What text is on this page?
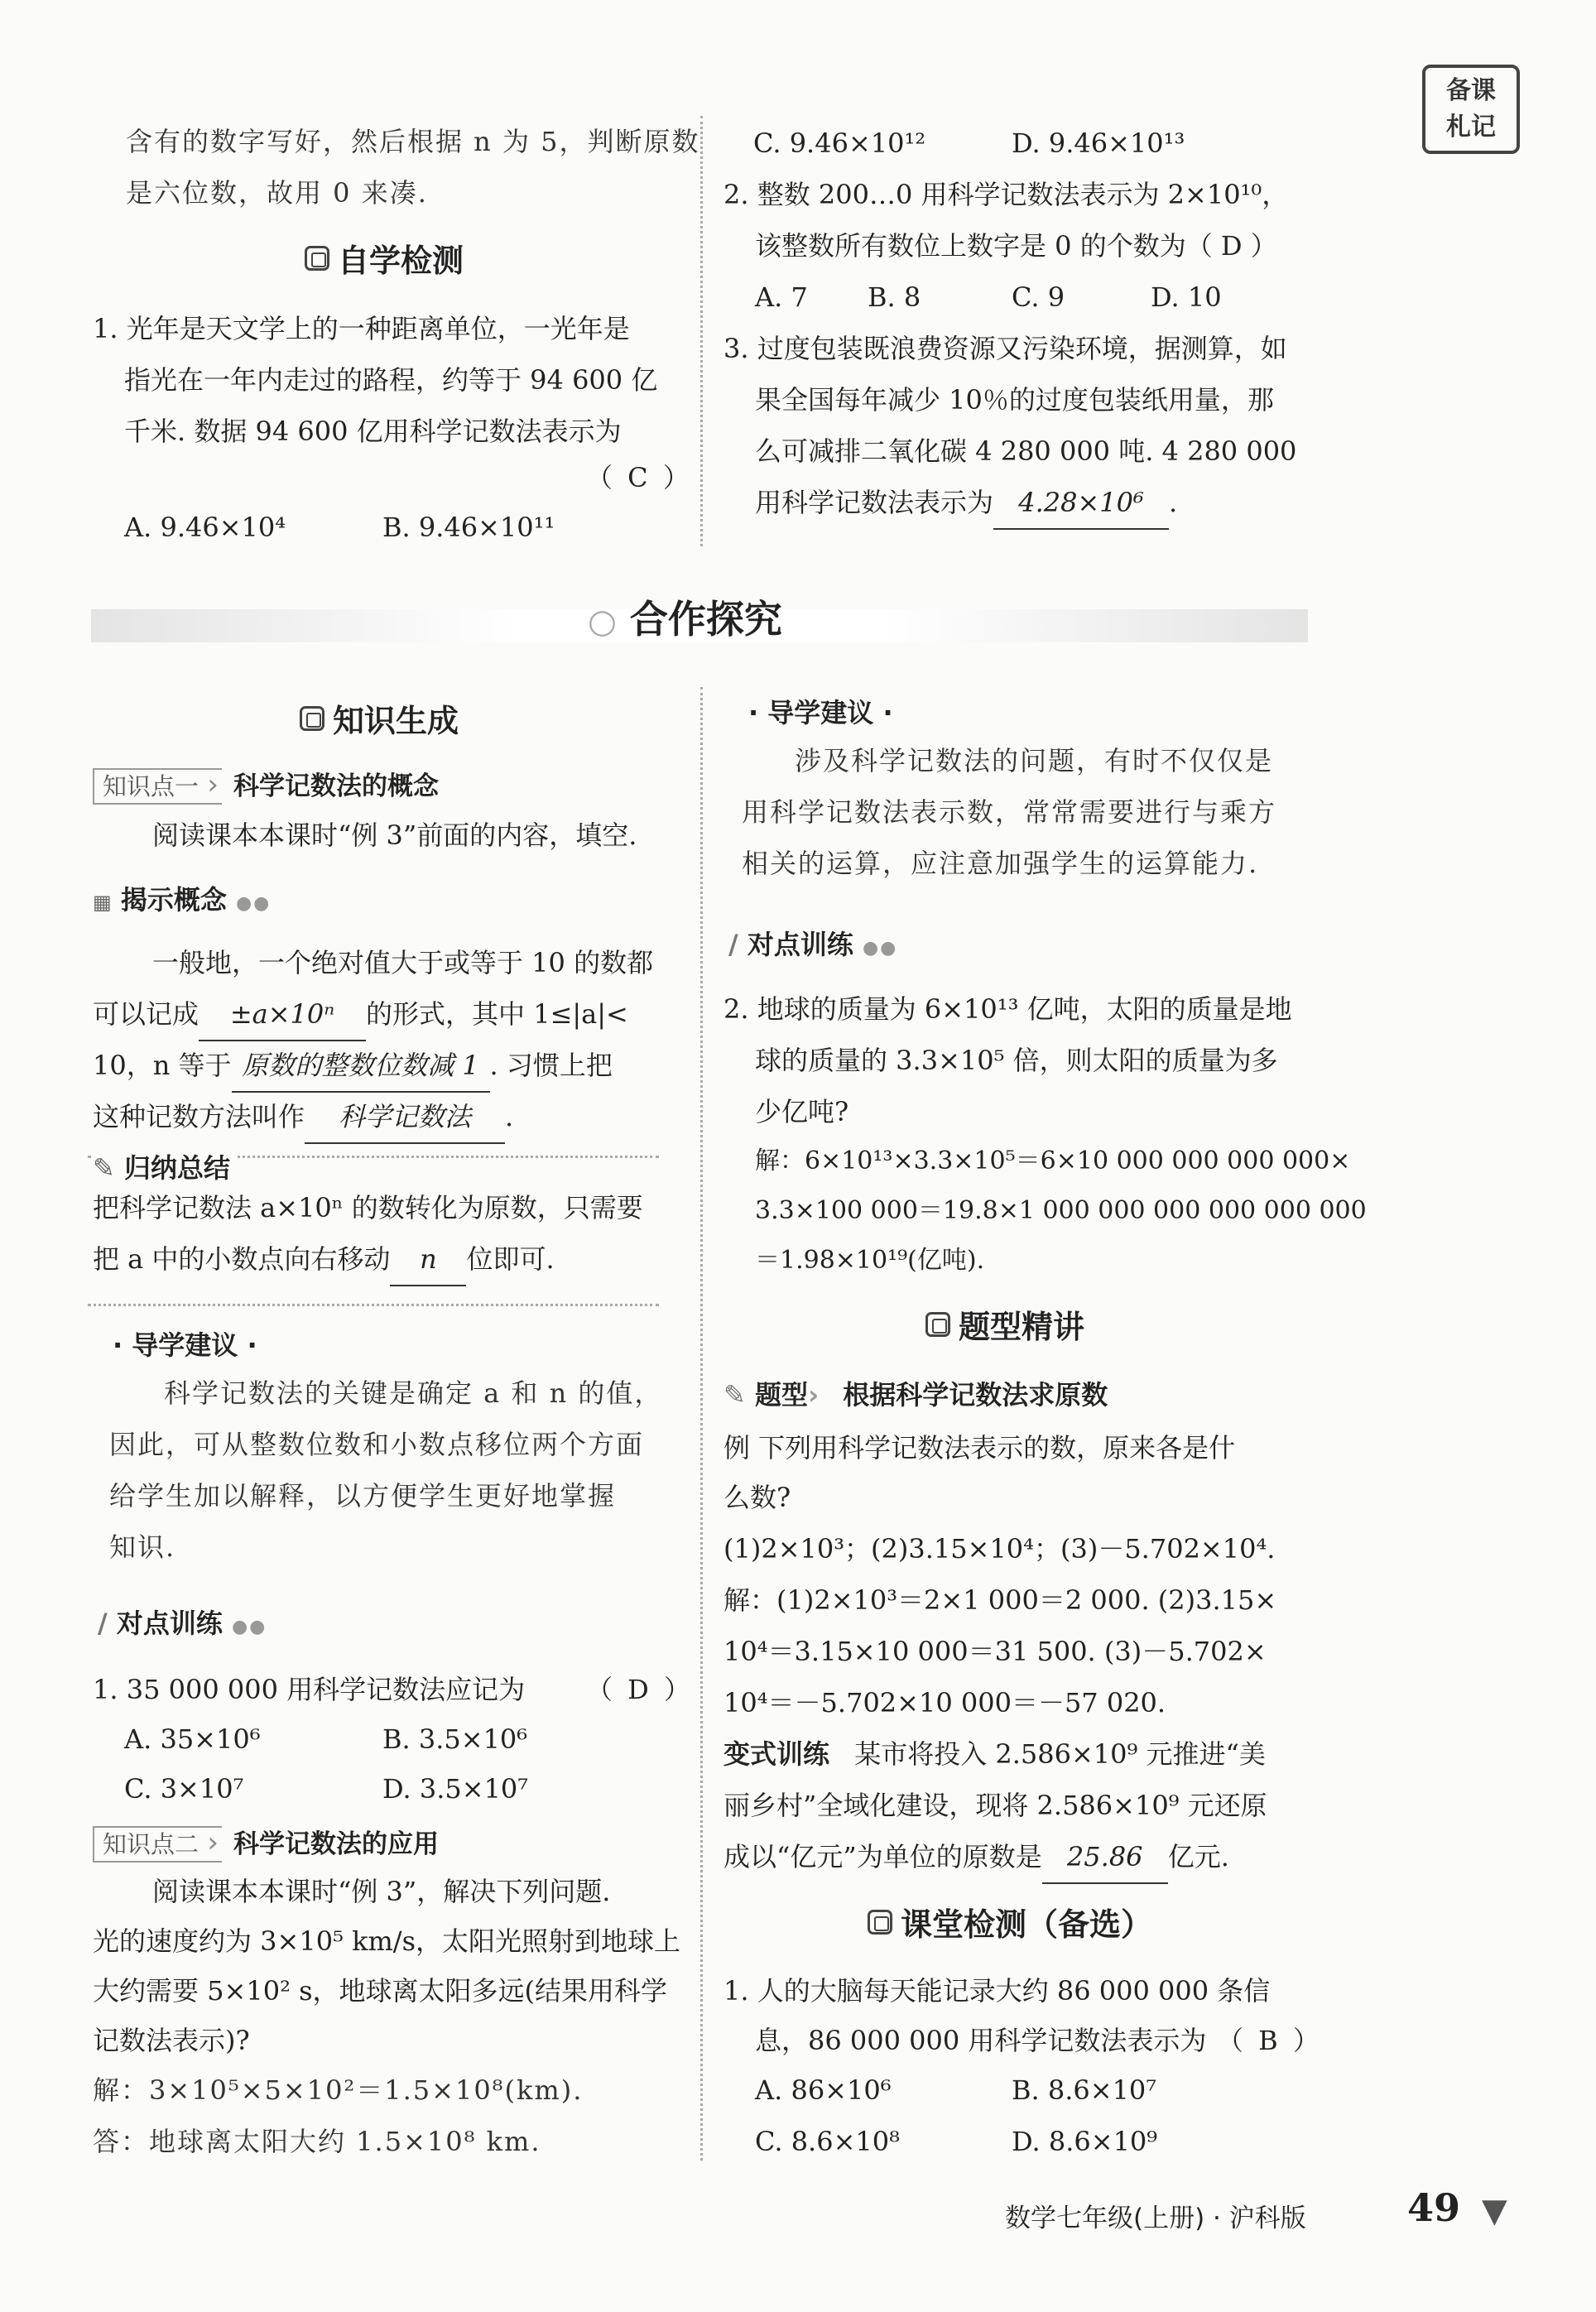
备课
札记
含有的数字写好，然后根据 n 为 5，判断原数
是六位数，故用 0 来凑.
自学检测
1. 光年是天文学上的一种距离单位，一光年是
指光在一年内走过的路程，约等于 94 600 亿
千米. 数据 94 600 亿用科学记数法表示为
（ C ）
A. 9.46×10⁴	B. 9.46×10¹¹
C. 9.46×10¹²	D. 9.46×10¹³
2. 整数 200…0 用科学记数法表示为 2×10¹⁰，
该整数所有数位上数字是 0 的个数为（ D ）
A. 7 B. 8	C. 9	D. 10
3. 过度包装既浪费资源又污染环境，据测算，如
果全国每年减少 10％的过度包装纸用量，那
么可减排二氧化碳 4 280 000 吨. 4 280 000
用科学记数法表示为 4.28×10⁶ .
○ 合作探究
知识生成
知识点一 › 科学记数法的概念
阅读课本本课时“例 3”前面的内容，填空.
▦ 揭示概念 ●●
一般地，一个绝对值大于或等于 10 的数都
可以记成 ±a×10ⁿ 的形式，其中 1≤|a|<
10，n 等于 原数的整数位数减 1 . 习惯上把
这种记数方法叫作 科学记数法 .
✎ 归纳总结
把科学记数法 a×10ⁿ 的数转化为原数，只需要
把 a 中的小数点向右移动 n 位即可.
· 导学建议 ·
科学记数法的关键是确定 a 和 n 的值，
因此，可从整数位数和小数点移位两个方面
给学生加以解释，以方便学生更好地掌握
知识.
/ 对点训练 ●●
1. 35 000 000 用科学记数法应记为 （ D ）
A. 35×10⁶	B. 3.5×10⁶
C. 3×10⁷	D. 3.5×10⁷
知识点二 › 科学记数法的应用
阅读课本本课时“例 3”，解决下列问题.
光的速度约为 3×10⁵ km/s，太阳光照射到地球上
大约需要 5×10² s，地球离太阳多远(结果用科学
记数法表示)?
解：3×10⁵×5×10²＝1.5×10⁸(km).
答：地球离太阳大约 1.5×10⁸ km.
· 导学建议 ·
涉及科学记数法的问题，有时不仅仅是
用科学记数法表示数，常常需要进行与乘方
相关的运算，应注意加强学生的运算能力.
/ 对点训练 ●●
2. 地球的质量为 6×10¹³ 亿吨，太阳的质量是地
球的质量的 3.3×10⁵ 倍，则太阳的质量为多
少亿吨?
解：6×10¹³×3.3×10⁵＝6×10 000 000 000 000×
3.3×100 000＝19.8×1 000 000 000 000 000 000
＝1.98×10¹⁹(亿吨).
题型精讲
✎ 题型› 根据科学记数法求原数
例 下列用科学记数法表示的数，原来各是什
么数?
(1)2×10³；(2)3.15×10⁴；(3)－5.702×10⁴.
解：(1)2×10³＝2×1 000＝2 000. (2)3.15×
10⁴＝3.15×10 000＝31 500. (3)－5.702×
10⁴＝－5.702×10 000＝－57 020.
变式训练 某市将投入 2.586×10⁹ 元推进“美
丽乡村”全域化建设，现将 2.586×10⁹ 元还原
成以“亿元”为单位的原数是 25.86 亿元.
课堂检测（备选）
1. 人的大脑每天能记录大约 86 000 000 条信
息，86 000 000 用科学记数法表示为 （ B ）
A. 86×10⁶	B. 8.6×10⁷
C. 8.6×10⁸	D. 8.6×10⁹
数学七年级(上册) · 沪科版	49 ▼
